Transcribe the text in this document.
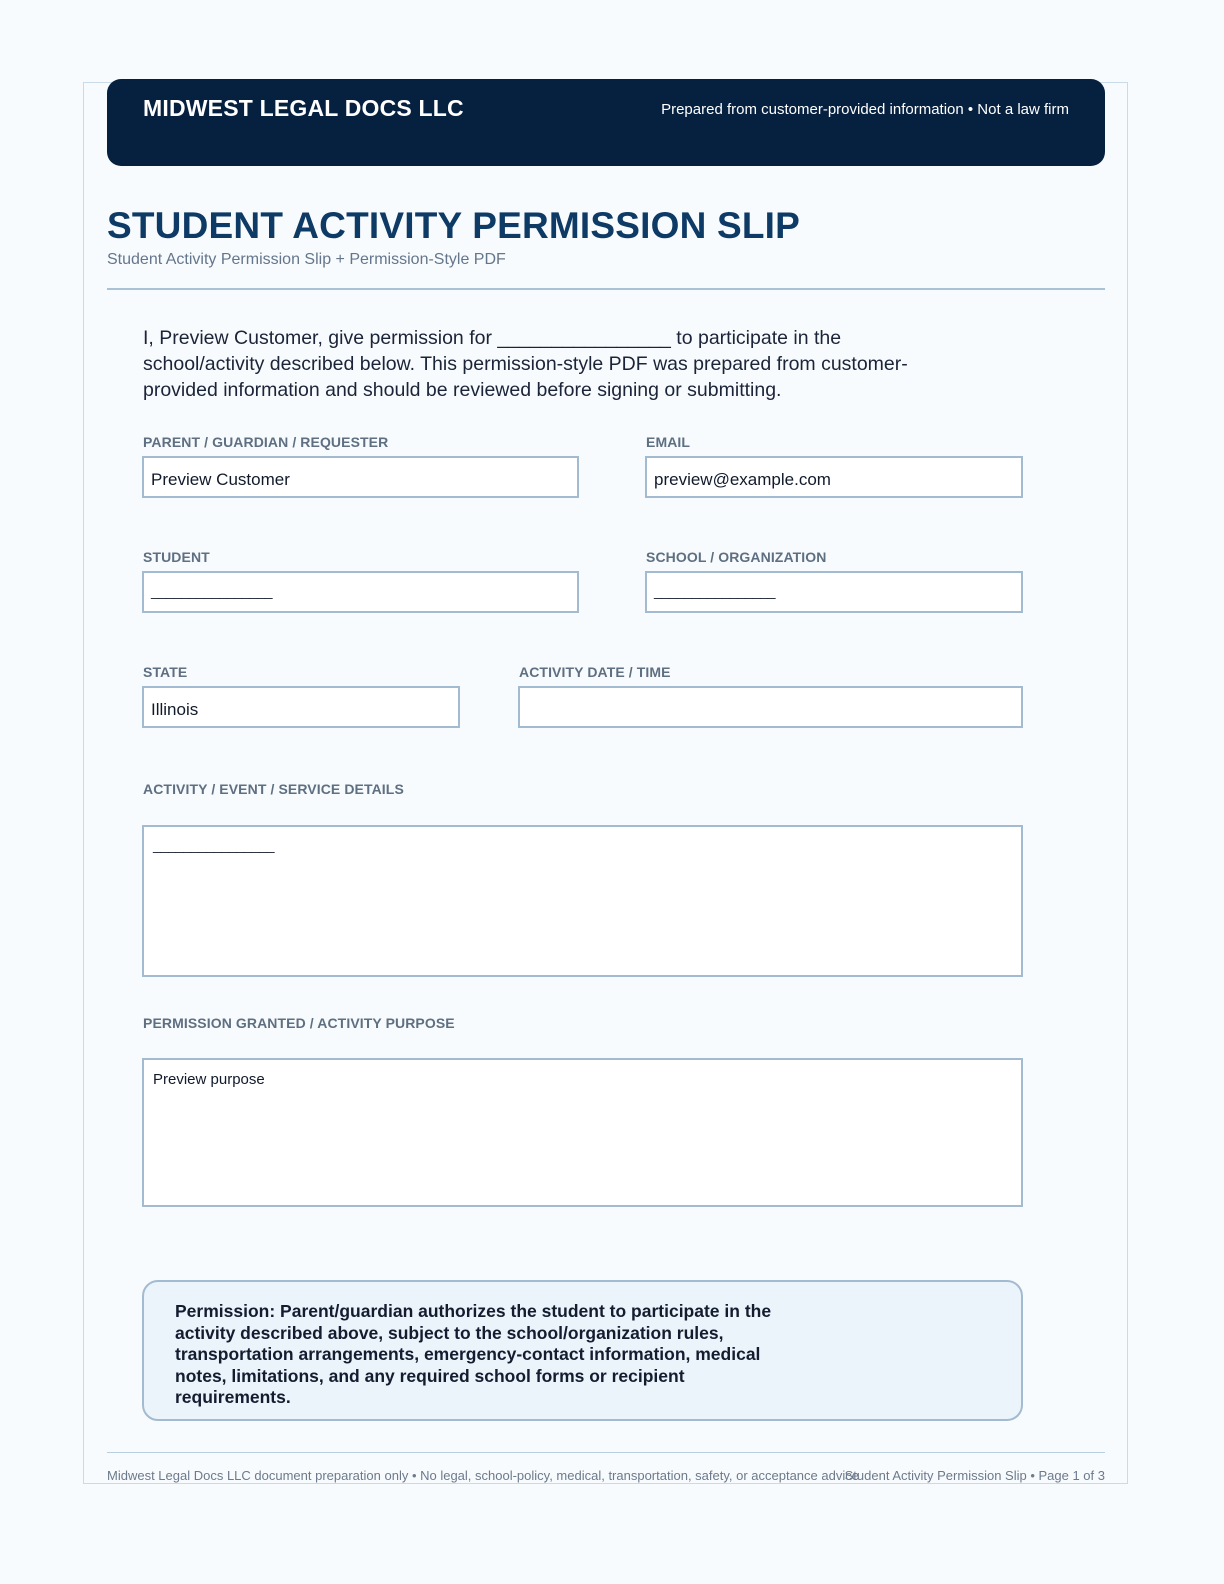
MIDWEST LEGAL DOCS LLC	Prepared from customer-provided information • Not a law firm
STUDENT ACTIVITY PERMISSION SLIP
Student Activity Permission Slip + Permission-Style PDF
I, Preview Customer, give permission for ________________ to participate in the school/activity described below. This permission-style PDF was prepared from customer-provided information and should be reviewed before signing or submitting.
PARENT / GUARDIAN / REQUESTER
Preview Customer
EMAIL
preview@example.com
STUDENT
________________
SCHOOL / ORGANIZATION
________________
STATE
Illinois
ACTIVITY DATE / TIME
ACTIVITY / EVENT / SERVICE DETAILS
________________
PERMISSION GRANTED / ACTIVITY PURPOSE
Preview purpose
Permission: Parent/guardian authorizes the student to participate in the activity described above, subject to the school/organization rules, transportation arrangements, emergency-contact information, medical notes, limitations, and any required school forms or recipient requirements.
Midwest Legal Docs LLC document preparation only • No legal, school-policy, medical, transportation, safety, or acceptance advice
Student Activity Permission Slip • Page 1 of 3
